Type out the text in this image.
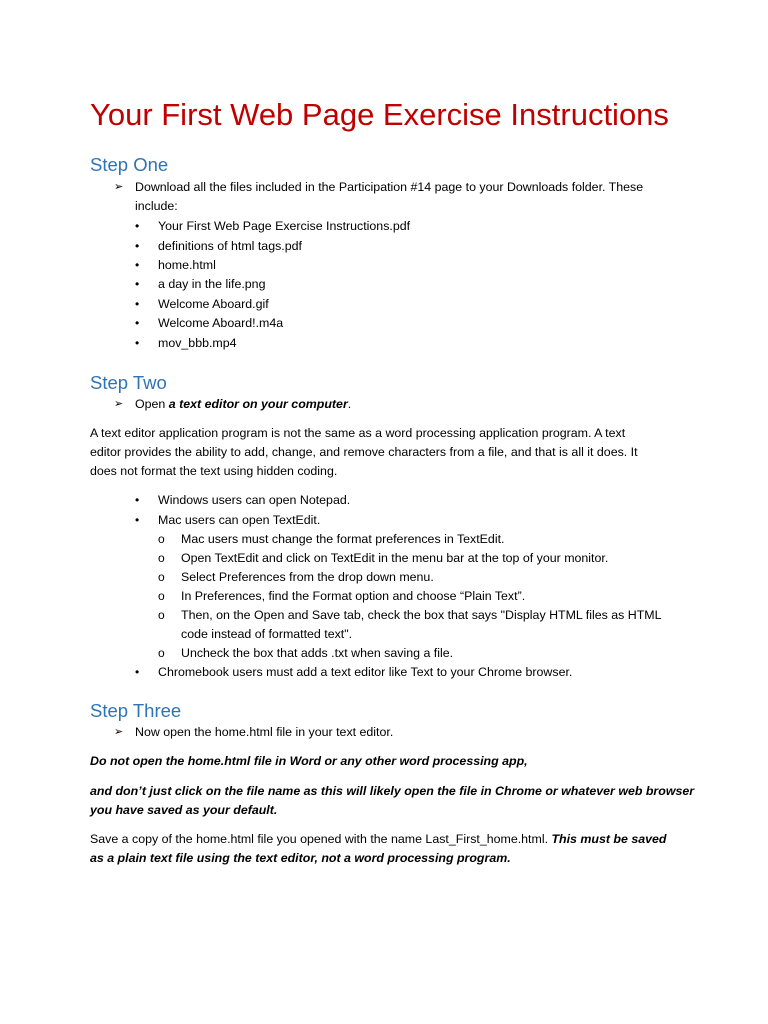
Your First Web Page Exercise Instructions
Step One
➢ Download all the files included in the Participation #14 page to your Downloads folder. These
include:
• Your First Web Page Exercise Instructions.pdf
• definitions of html tags.pdf
• home.html
• a day in the life.png
• Welcome Aboard.gif
• Welcome Aboard!.m4a
• mov_bbb.mp4
Step Two
➢ Open a text editor on your computer.
A text editor application program is not the same as a word processing application program. A text
editor provides the ability to add, change, and remove characters from a file, and that is all it does. It
does not format the text using hidden coding.
• Windows users can open Notepad.
• Mac users can open TextEdit.
o Mac users must change the format preferences in TextEdit.
o Open TextEdit and click on TextEdit in the menu bar at the top of your monitor.
o Select Preferences from the drop down menu.
o In Preferences, find the Format option and choose “Plain Text”.
o Then, on the Open and Save tab, check the box that says "Display HTML files as HTML
code instead of formatted text".
o Uncheck the box that adds .txt when saving a file.
• Chromebook users must add a text editor like Text to your Chrome browser.
Step Three
➢ Now open the home.html file in your text editor.
Do not open the home.html file in Word or any other word processing app,
and don’t just click on the file name as this will likely open the file in Chrome or whatever web browser
you have saved as your default.
Save a copy of the home.html file you opened with the name Last_First_home.html. This must be saved
as a plain text file using the text editor, not a word processing program.
